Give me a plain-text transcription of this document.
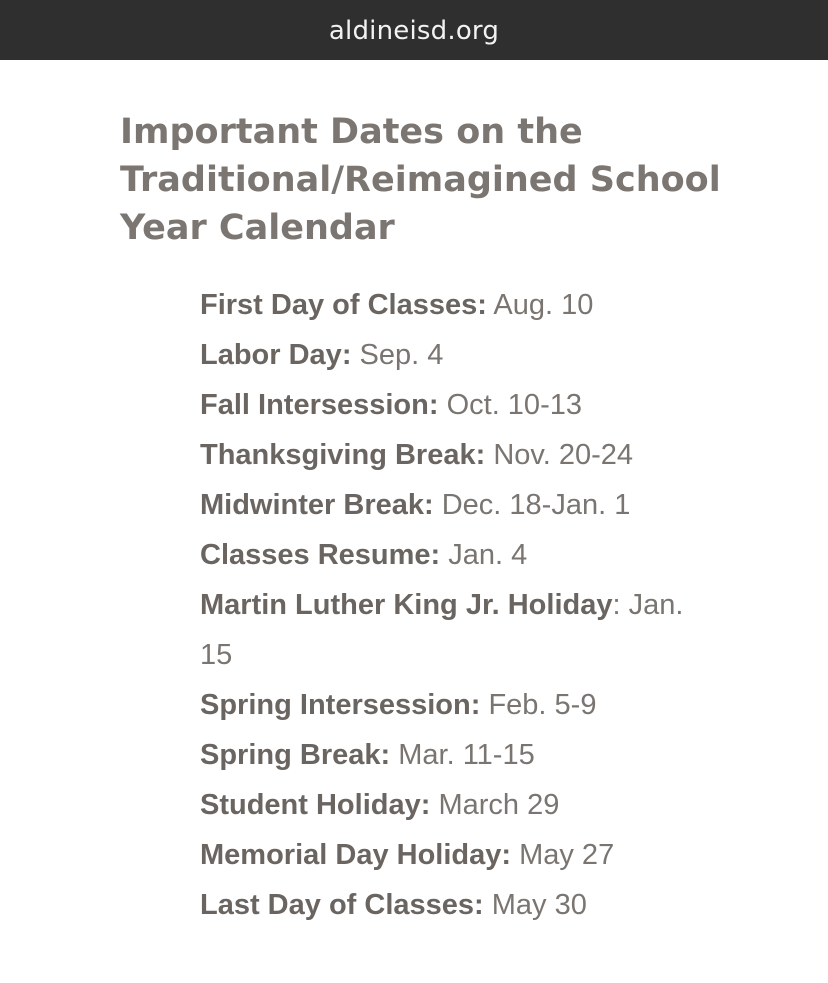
aldineisd.org
Important Dates on the Traditional/Reimagined School Year Calendar
First Day of Classes: Aug. 10
Labor Day: Sep. 4
Fall Intersession: Oct. 10-13
Thanksgiving Break: Nov. 20-24
Midwinter Break: Dec. 18-Jan. 1
Classes Resume: Jan. 4
Martin Luther King Jr. Holiday: Jan. 15
Spring Intersession: Feb. 5-9
Spring Break: Mar. 11-15
Student Holiday: March 29
Memorial Day Holiday: May 27
Last Day of Classes: May 30
